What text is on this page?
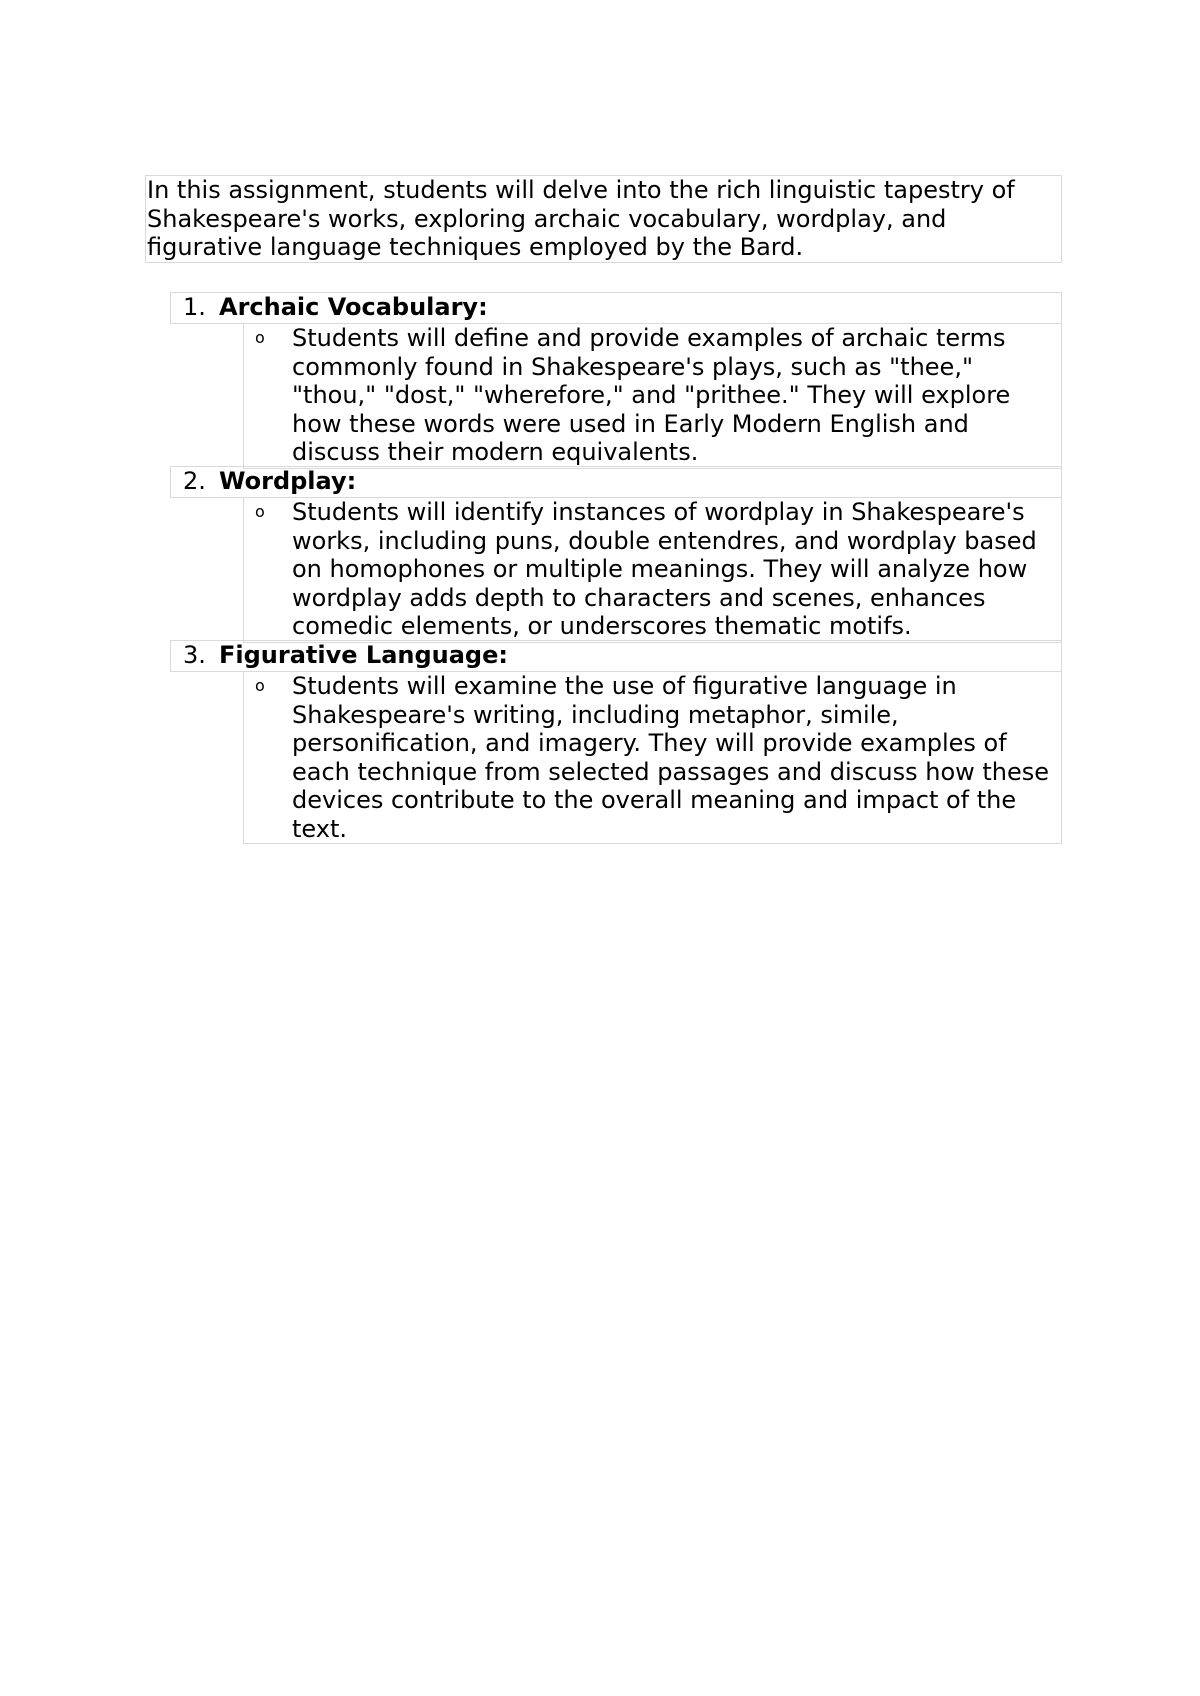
In this assignment, students will delve into the rich linguistic tapestry of
Shakespeare's works, exploring archaic vocabulary, wordplay, and
figurative language techniques employed by the Bard.
1. Archaic Vocabulary:
o Students will define and provide examples of archaic terms
commonly found in Shakespeare's plays, such as "thee,"
"thou," "dost," "wherefore," and "prithee." They will explore
how these words were used in Early Modern English and
discuss their modern equivalents.
2. Wordplay:
o Students will identify instances of wordplay in Shakespeare's
works, including puns, double entendres, and wordplay based
on homophones or multiple meanings. They will analyze how
wordplay adds depth to characters and scenes, enhances
comedic elements, or underscores thematic motifs.
3. Figurative Language:
o Students will examine the use of figurative language in
Shakespeare's writing, including metaphor, simile,
personification, and imagery. They will provide examples of
each technique from selected passages and discuss how these
devices contribute to the overall meaning and impact of the
text.
